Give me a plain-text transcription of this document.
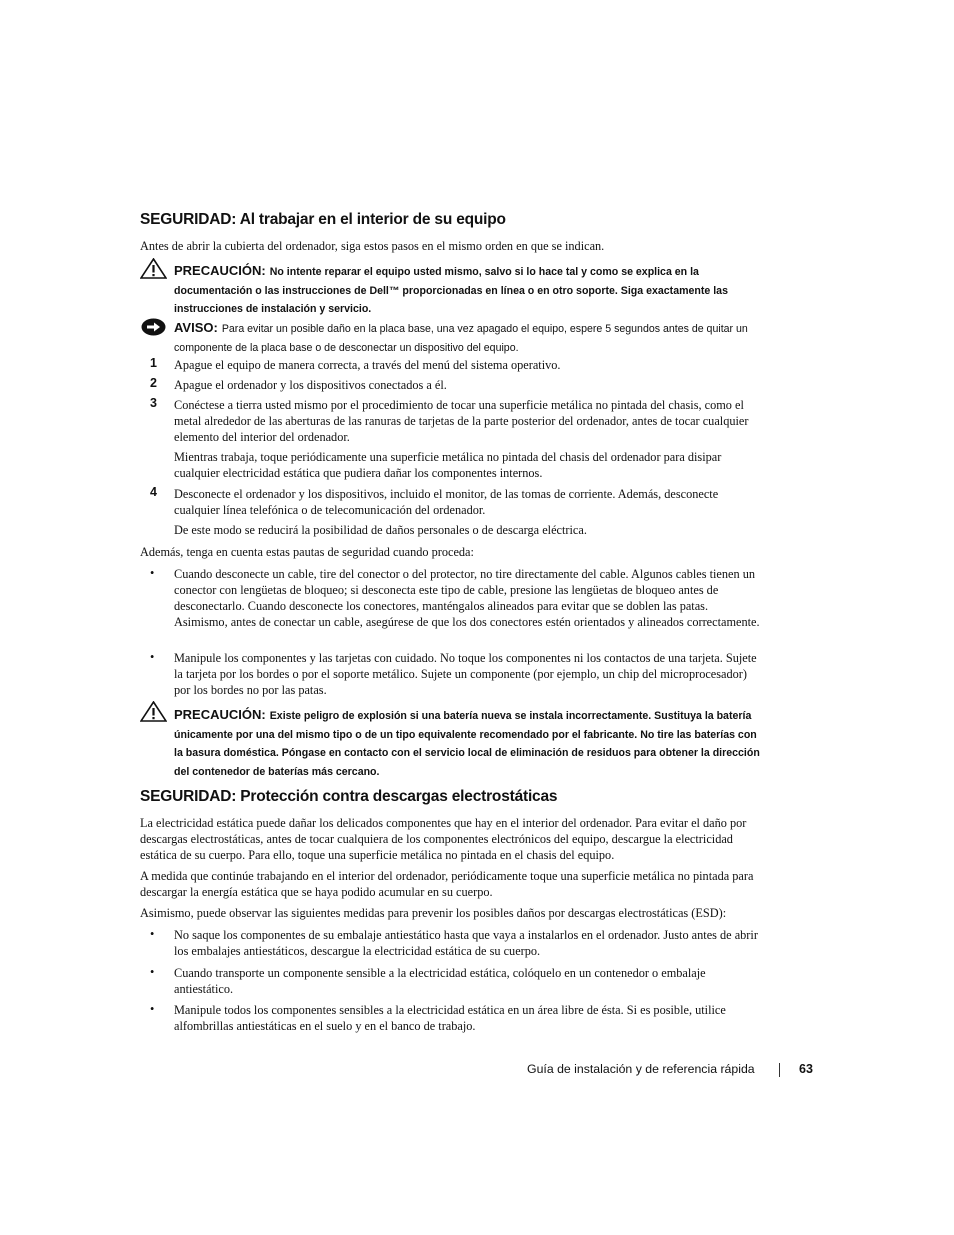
SEGURIDAD: Al trabajar en el interior de su equipo

Antes de abrir la cubierta del ordenador, siga estos pasos en el mismo orden en que se indican.

PRECAUCIÓN: No intente reparar el equipo usted mismo, salvo si lo hace tal y como se explica en la documentación o las instrucciones de Dell™ proporcionadas en línea o en otro soporte. Siga exactamente las instrucciones de instalación y servicio.

AVISO: Para evitar un posible daño en la placa base, una vez apagado el equipo, espere 5 segundos antes de quitar un componente de la placa base o de desconectar un dispositivo del equipo.

1 Apague el equipo de manera correcta, a través del menú del sistema operativo.

2 Apague el ordenador y los dispositivos conectados a él.

3 Conéctese a tierra usted mismo por el procedimiento de tocar una superficie metálica no pintada del chasis, como el metal alrededor de las aberturas de las ranuras de tarjetas de la parte posterior del ordenador, antes de tocar cualquier elemento del interior del ordenador.

Mientras trabaja, toque periódicamente una superficie metálica no pintada del chasis del ordenador para disipar cualquier electricidad estática que pudiera dañar los componentes internos.

4 Desconecte el ordenador y los dispositivos, incluido el monitor, de las tomas de corriente. Además, desconecte cualquier línea telefónica o de telecomunicación del ordenador.

De este modo se reducirá la posibilidad de daños personales o de descarga eléctrica.

Además, tenga en cuenta estas pautas de seguridad cuando proceda:

• Cuando desconecte un cable, tire del conector o del protector, no tire directamente del cable. Algunos cables tienen un conector con lengüetas de bloqueo; si desconecta este tipo de cable, presione las lengüetas de bloqueo antes de desconectarlo. Cuando desconecte los conectores, manténgalos alineados para evitar que se doblen las patas. Asimismo, antes de conectar un cable, asegúrese de que los dos conectores estén orientados y alineados correctamente.

• Manipule los componentes y las tarjetas con cuidado. No toque los componentes ni los contactos de una tarjeta. Sujete la tarjeta por los bordes o por el soporte metálico. Sujete un componente (por ejemplo, un chip del microprocesador) por los bordes no por las patas.

PRECAUCIÓN: Existe peligro de explosión si una batería nueva se instala incorrectamente. Sustituya la batería únicamente por una del mismo tipo o de un tipo equivalente recomendado por el fabricante. No tire las baterías con la basura doméstica. Póngase en contacto con el servicio local de eliminación de residuos para obtener la dirección del contenedor de baterías más cercano.

SEGURIDAD: Protección contra descargas electrostáticas

La electricidad estática puede dañar los delicados componentes que hay en el interior del ordenador. Para evitar el daño por descargas electrostáticas, antes de tocar cualquiera de los componentes electrónicos del equipo, descargue la electricidad estática de su cuerpo. Para ello, toque una superficie metálica no pintada en el chasis del equipo.

A medida que continúe trabajando en el interior del ordenador, periódicamente toque una superficie metálica no pintada para descargar la energía estática que se haya podido acumular en su cuerpo.

Asimismo, puede observar las siguientes medidas para prevenir los posibles daños por descargas electrostáticas (ESD):

• No saque los componentes de su embalaje antiestático hasta que vaya a instalarlos en el ordenador. Justo antes de abrir los embalajes antiestáticos, descargue la electricidad estática de su cuerpo.

• Cuando transporte un componente sensible a la electricidad estática, colóquelo en un contenedor o embalaje antiestático.

• Manipule todos los componentes sensibles a la electricidad estática en un área libre de ésta. Si es posible, utilice alfombrillas antiestáticas en el suelo y en el banco de trabajo.

Guía de instalación y de referencia rápida	63
